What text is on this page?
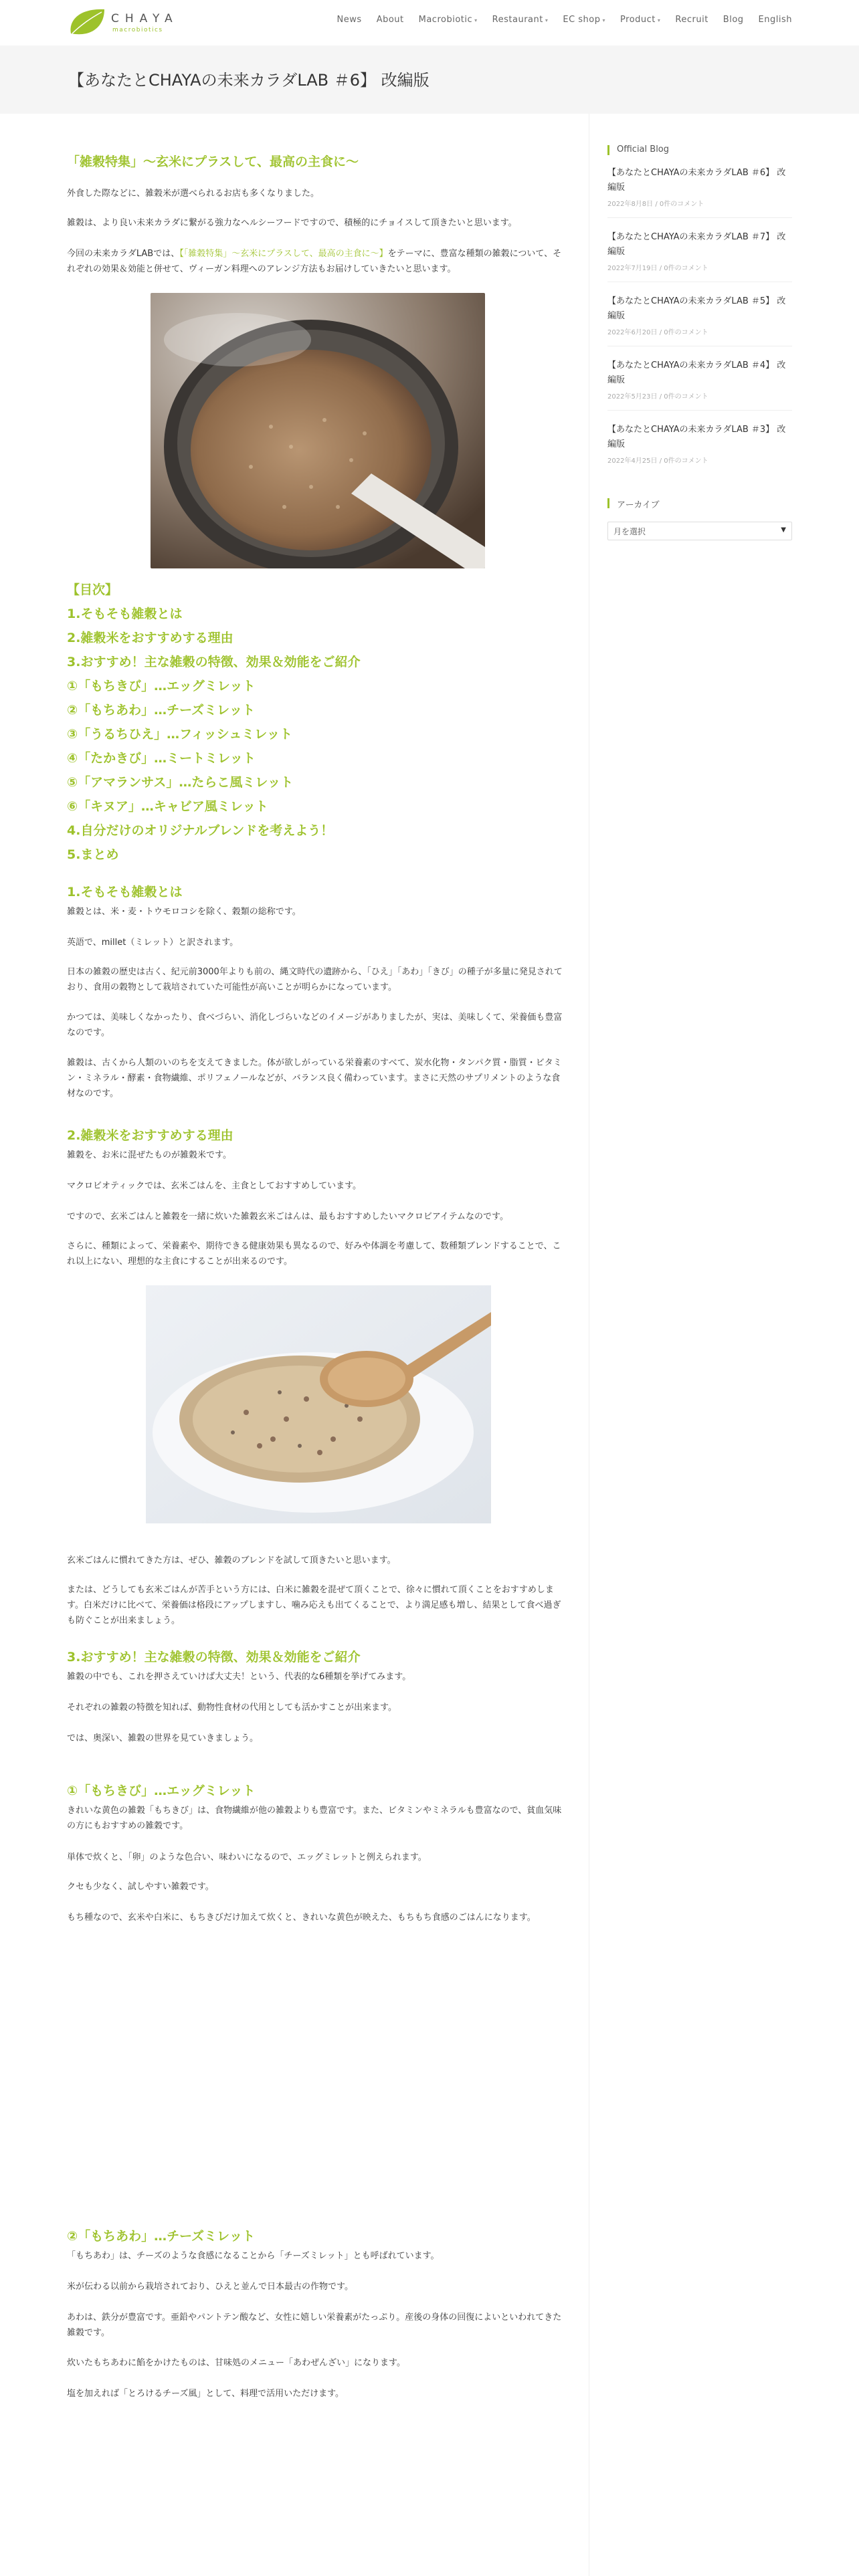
CHAYA
macrobiotics
News About Macrobiotic ▾ Restaurant ▾ EC shop ▾ Product ▾ Recruit Blog English
【あなたとCHAYAの未来カラダLAB ＃6】 改編版
「雑穀特集」〜玄米にプラスして、最高の主食に〜
外食した際などに、雑穀米が選べられるお店も多くなりました。
雑穀は、より良い未来カラダに繋がる強力なヘルシーフードですので、積極的にチョイスして頂きたいと思います。
今回の未来カラダLABでは、【「雑穀特集」〜玄米にプラスして、最高の主食に〜】をテーマに、豊富な種類の雑穀について、それぞれの効果＆効能と併せて、ヴィーガン料理へのアレンジ方法もお届けしていきたいと思います。
【目次】
1.そもそも雑穀とは
2.雑穀米をおすすめする理由
3.おすすめ！主な雑穀の特徴、効果＆効能をご紹介
①「もちきび」…エッグミレット
②「もちあわ」…チーズミレット
③「うるちひえ」…フィッシュミレット
④「たかきび」…ミートミレット
⑤「アマランサス」…たらこ風ミレット
⑥「キヌア」…キャビア風ミレット
4.自分だけのオリジナルブレンドを考えよう！
5.まとめ
1.そもそも雑穀とは
雑穀とは、米・麦・トウモロコシを除く、穀類の総称です。
英語で、millet（ミレット）と訳されます。
日本の雑穀の歴史は古く、紀元前3000年よりも前の、縄文時代の遺跡から、「ひえ」「あわ」「きび」の種子が多量に発見されており、食用の穀物として栽培されていた可能性が高いことが明らかになっています。
かつては、美味しくなかったり、食べづらい、消化しづらいなどのイメージがありましたが、実は、美味しくて、栄養価も豊富なのです。
雑穀は、古くから人類のいのちを支えてきました。体が欲しがっている栄養素のすべて、炭水化物・タンパク質・脂質・ビタミン・ミネラル・酵素・食物繊維、ポリフェノールなどが、バランス良く備わっています。まさに天然のサプリメントのような食材なのです。
2.雑穀米をおすすめする理由
雑穀を、お米に混ぜたものが雑穀米です。
マクロビオティックでは、玄米ごはんを、主食としておすすめしています。
ですので、玄米ごはんと雑穀を一緒に炊いた雑穀玄米ごはんは、最もおすすめしたいマクロビアイテムなのです。
さらに、種類によって、栄養素や、期待できる健康効果も異なるので、好みや体調を考慮して、数種類ブレンドすることで、これ以上にない、理想的な主食にすることが出来るのです。
玄米ごはんに慣れてきた方は、ぜひ、雑穀のブレンドを試して頂きたいと思います。
または、どうしても玄米ごはんが苦手という方には、白米に雑穀を混ぜて頂くことで、徐々に慣れて頂くことをおすすめします。白米だけに比べて、栄養価は格段にアップしますし、噛み応えも出てくることで、より満足感も増し、結果として食べ過ぎも防ぐことが出来ましょう。
3.おすすめ！主な雑穀の特徴、効果＆効能をご紹介
雑穀の中でも、これを押さえていけば大丈夫！という、代表的な6種類を挙げてみます。
それぞれの雑穀の特徴を知れば、動物性食材の代用としても活かすことが出来ます。
では、奥深い、雑穀の世界を見ていきましょう。
①「もちきび」…エッグミレット
きれいな黄色の雑穀「もちきび」は、食物繊維が他の雑穀よりも豊富です。また、ビタミンやミネラルも豊富なので、貧血気味の方にもおすすめの雑穀です。
単体で炊くと、「卵」のような色合い、味わいになるので、エッグミレットと例えられます。
クセも少なく、試しやすい雑穀です。
もち種なので、玄米や白米に、もちきびだけ加えて炊くと、きれいな黄色が映えた、もちもち食感のごはんになります。
②「もちあわ」…チーズミレット
「もちあわ」は、チーズのような食感になることから「チーズミレット」とも呼ばれています。
米が伝わる以前から栽培されており、ひえと並んで日本最古の作物です。
あわは、鉄分が豊富です。亜鉛やパントテン酸など、女性に嬉しい栄養素がたっぷり。産後の身体の回復によいといわれてきた雑穀です。
炊いたもちあわに餡をかけたものは、甘味処のメニュー「あわぜんざい」になります。
塩を加えれば「とろけるチーズ風」として、料理で活用いただけます。
Official Blog
【あなたとCHAYAの未来カラダLAB ＃6】 改編版
2022年8月8日 / 0件のコメント
【あなたとCHAYAの未来カラダLAB ＃7】 改編版
2022年7月19日 / 0件のコメント
【あなたとCHAYAの未来カラダLAB ＃5】 改編版
2022年6月20日 / 0件のコメント
【あなたとCHAYAの未来カラダLAB ＃4】 改編版
2022年5月23日 / 0件のコメント
【あなたとCHAYAの未来カラダLAB ＃3】 改編版
2022年4月25日 / 0件のコメント
アーカイブ
月を選択	▼
